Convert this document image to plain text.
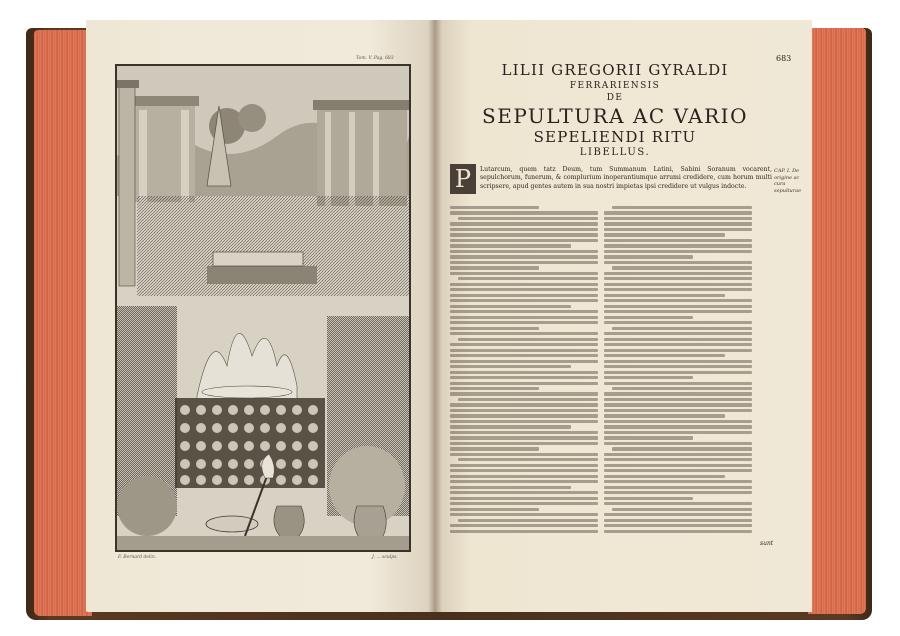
Tom. V. Pag. 683
F. Bernard delin.	J. ... sculps.
683
LILII GREGORII GYRALDI
FERRARIENSIS
DE
SEPULTURA AC VARIO
SEPELIENDI RITU
LIBELLUS.
P	Lutarcum, quem tatz Deum, tum Summanum Latini, Sabini Soranum vocarent, sepulchorum, funerum, & complurium inoperantiumque arrumi credidere, cum horum multi scripsere, apud gentes autem in sua nostri impietas ipsi credidere ut vulgus indocte.
CAP. I. De origine ac cura sepulturae
sunt
